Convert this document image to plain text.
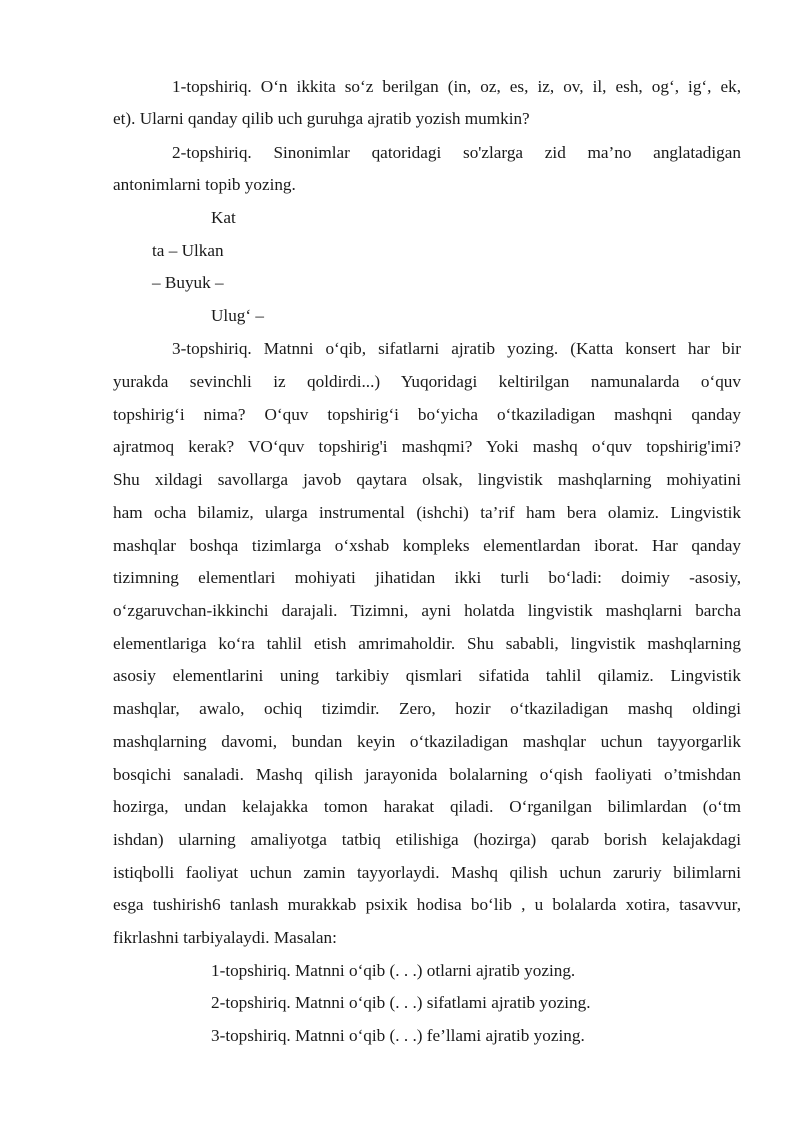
1-topshiriq. O‘n ikkita so‘z berilgan (in, oz, es, iz, ov, il, esh, og‘, ig‘, ek,
et). Ularni qanday qilib uch guruhga ajratib yozish mumkin?
2-topshiriq. Sinonimlar qatoridagi so'zlarga zid ma’no anglatadigan
antonimlarni topib yozing.
Kat
ta – Ulkan
– Buyuk –
Ulug‘ –
3-topshiriq. Matnni o‘qib, sifatlarni ajratib yozing. (Katta konsert har bir
yurakda sevinchli iz qoldirdi...) Yuqoridagi keltirilgan namunalarda o‘quv
topshirig‘i nima? O‘quv topshirig‘i bo‘yicha o‘tkaziladigan mashqni qanday
ajratmoq kerak? VO‘quv topshirig'i mashqmi? Yoki mashq o‘quv topshirig'imi?
Shu xildagi savollarga javob qaytara olsak, lingvistik mashqlarning mohiyatini
ham ocha bilamiz, ularga instrumental (ishchi) ta’rif ham bera olamiz. Lingvistik
mashqlar boshqa tizimlarga o‘xshab kompleks elementlardan iborat. Har qanday
tizimning elementlari mohiyati jihatidan ikki turli bo‘ladi: doimiy -asosiy,
o‘zgaruvchan-ikkinchi darajali. Tizimni, ayni holatda lingvistik mashqlarni barcha
elementlariga ko‘ra tahlil etish amrimaholdir. Shu sababli, lingvistik mashqlarning
asosiy elementlarini uning tarkibiy qismlari sifatida tahlil qilamiz. Lingvistik
mashqlar, awalo, ochiq tizimdir. Zero, hozir o‘tkaziladigan mashq oldingi
mashqlarning davomi, bundan keyin o‘tkaziladigan mashqlar uchun tayyorgarlik
bosqichi sanaladi. Mashq qilish jarayonida bolalarning o‘qish faoliyati o’tmishdan
hozirga, undan kelajakka tomon harakat qiladi. O‘rganilgan bilimlardan (o‘tm
ishdan) ularning amaliyotga tatbiq etilishiga (hozirga) qarab borish kelajakdagi
istiqbolli faoliyat uchun zamin tayyorlaydi. Mashq qilish uchun zaruriy bilimlarni
esga tushirish6 tanlash murakkab psixik hodisa bo‘lib , u bolalarda xotira, tasavvur,
fikrlashni tarbiyalaydi. Masalan:
1-topshiriq. Matnni o‘qib (. . .) otlarni ajratib yozing.
2-topshiriq. Matnni o‘qib (. . .) sifatlami ajratib yozing.
3-topshiriq. Matnni o‘qib (. . .) fe’llami ajratib yozing.
